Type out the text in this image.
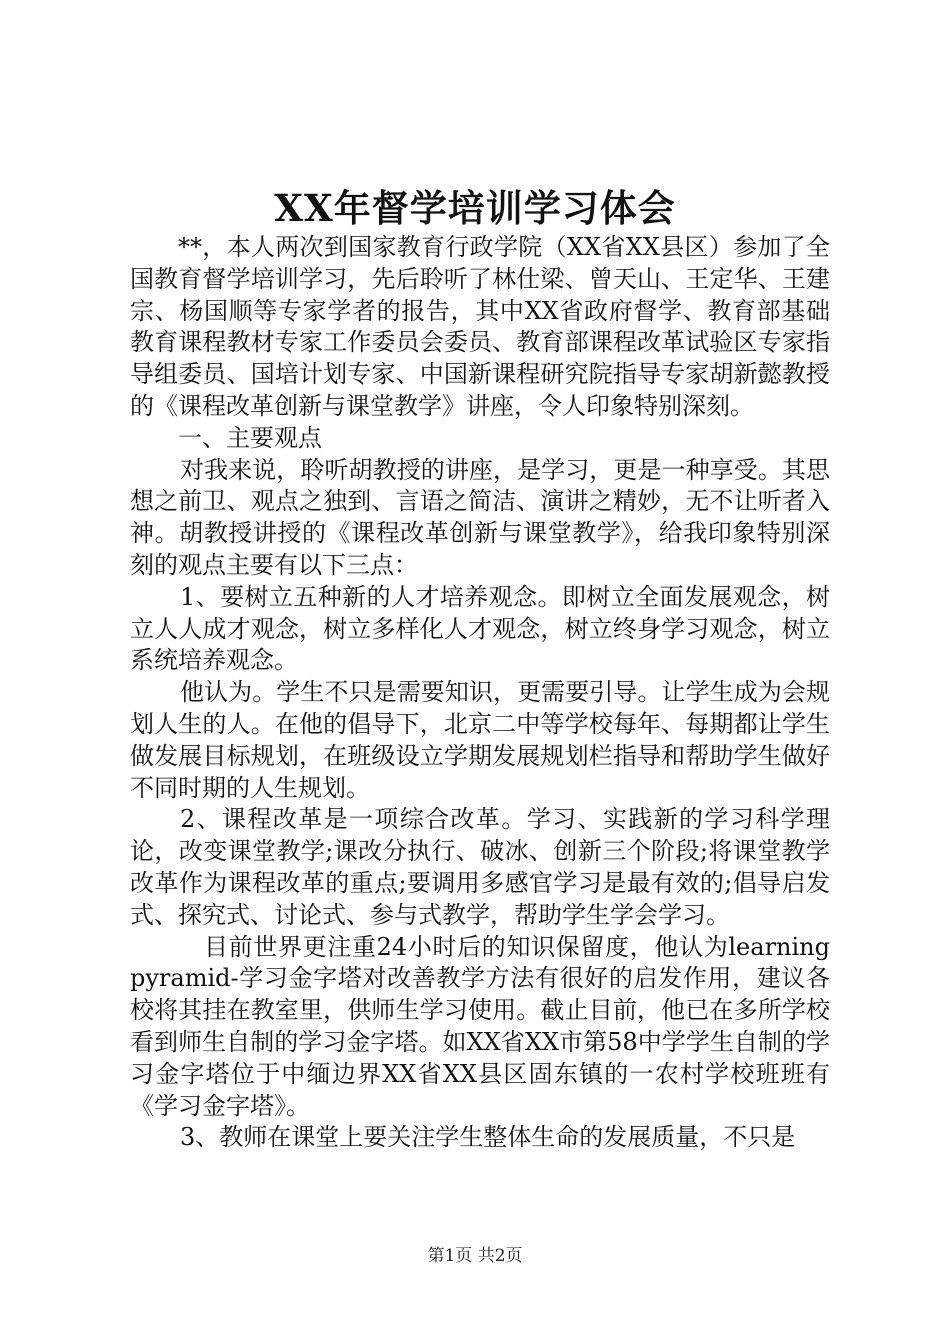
XX年督学培训学习体会

**，本人两次到国家教育行政学院（XX省XX县区）参加了全国教育督学培训学习，先后聆听了林仕梁、曾天山、王定华、王建宗、杨国顺等专家学者的报告，其中XX省政府督学、教育部基础教育课程教材专家工作委员会委员、教育部课程改革试验区专家指导组委员、国培计划专家、中国新课程研究院指导专家胡新懿教授的《课程改革创新与课堂教学》讲座，令人印象特别深刻。

一、主要观点

对我来说，聆听胡教授的讲座，是学习，更是一种享受。其思想之前卫、观点之独到、言语之简洁、演讲之精妙，无不让听者入神。胡教授讲授的《课程改革创新与课堂教学》，给我印象特别深刻的观点主要有以下三点：

1、要树立五种新的人才培养观念。即树立全面发展观念，树立人人成才观念，树立多样化人才观念，树立终身学习观念，树立系统培养观念。

他认为。学生不只是需要知识，更需要引导。让学生成为会规划人生的人。在他的倡导下，北京二中等学校每年、每期都让学生做发展目标规划，在班级设立学期发展规划栏指导和帮助学生做好不同时期的人生规划。

2、课程改革是一项综合改革。学习、实践新的学习科学理论，改变课堂教学;课改分执行、破冰、创新三个阶段;将课堂教学改革作为课程改革的重点;要调用多感官学习是最有效的;倡导启发式、探究式、讨论式、参与式教学，帮助学生学会学习。

目前世界更注重24小时后的知识保留度，他认为learningpyramid-学习金字塔对改善教学方法有很好的启发作用，建议各校将其挂在教室里，供师生学习使用。截止目前，他已在多所学校看到师生自制的学习金字塔。如XX省XX市第58中学学生自制的学习金字塔位于中缅边界XX省XX县区固东镇的一农村学校班班有《学习金字塔》。

3、教师在课堂上要关注学生整体生命的发展质量，不只是

第1页 共2页
